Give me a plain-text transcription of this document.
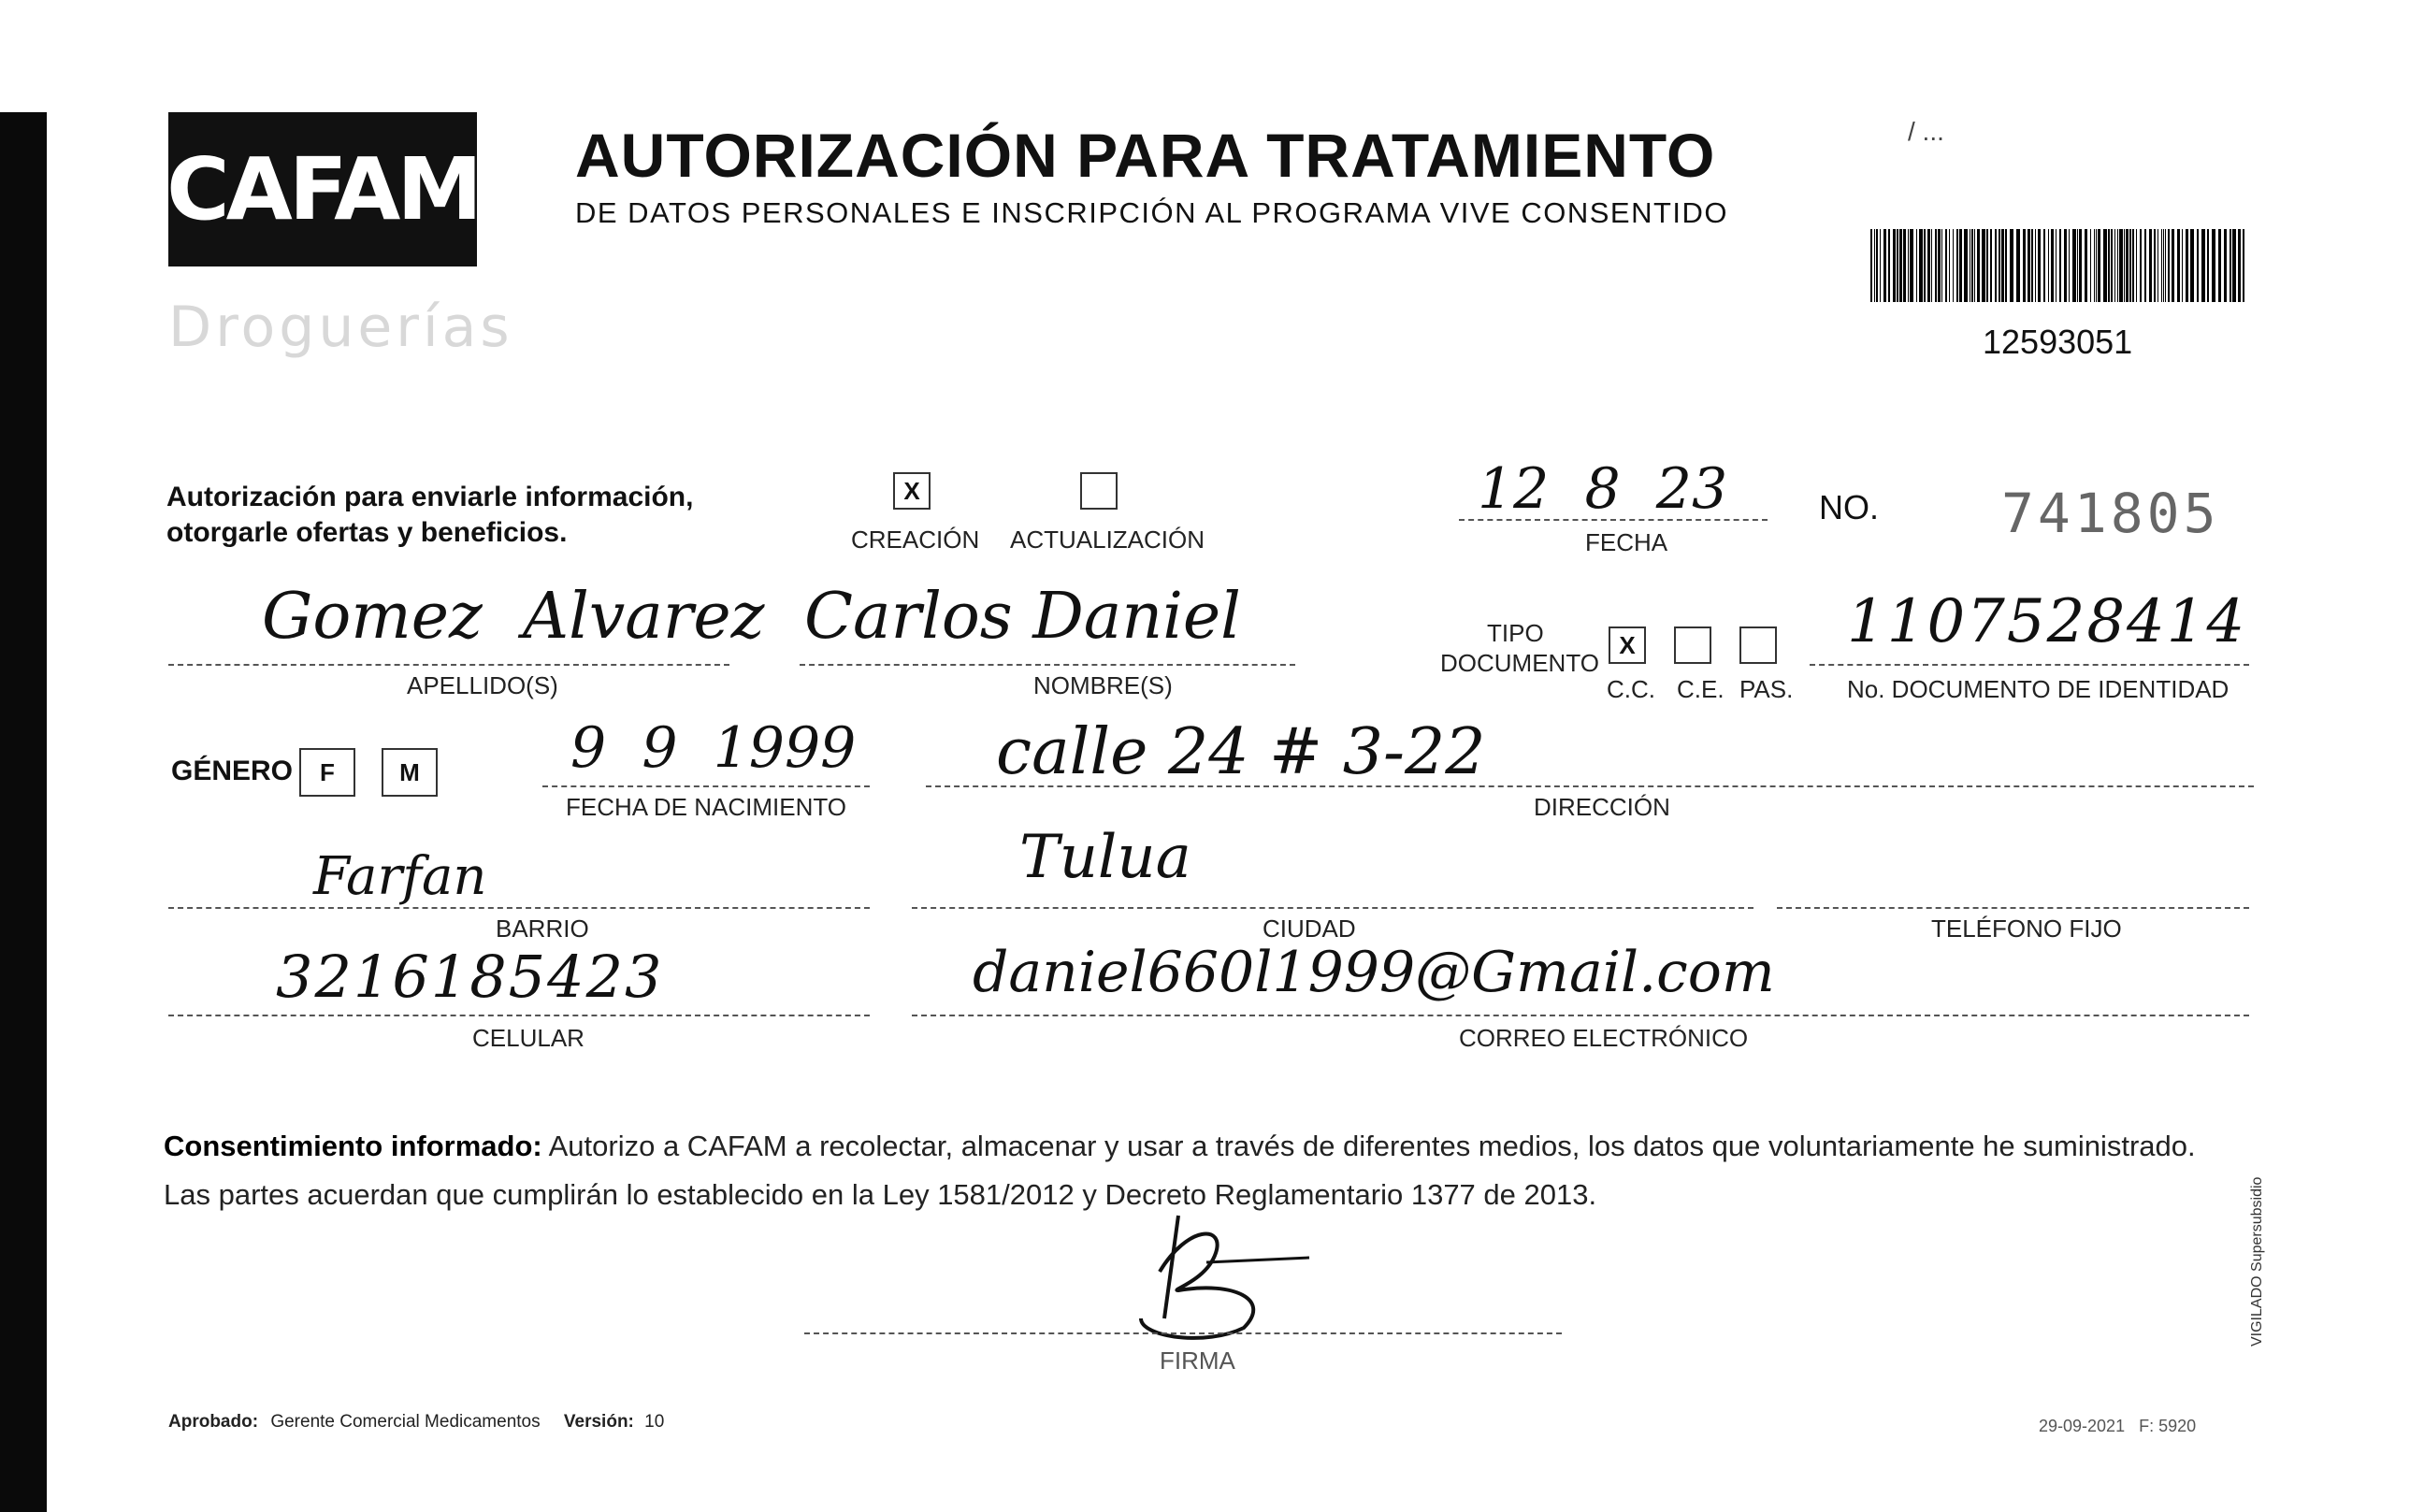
CAFAM
Droguerías
AUTORIZACIÓN PARA TRATAMIENTO
DE DATOS PERSONALES E INSCRIPCIÓN AL PROGRAMA VIVE CONSENTIDO
/ ...
12593051
Autorización para enviarle información,
otorgarle ofertas y beneficios.
X
CREACIÓN ACTUALIZACIÓN
12  8  23
FECHA
NO. 741805
Gomez  Alvarez
APELLIDO(S)
Carlos Daniel
NOMBRE(S)
TIPO
DOCUMENTO
X
C.C. C.E. PAS.
1107528414
No. DOCUMENTO DE IDENTIDAD
GÉNERO	F	M	9  9  1999
FECHA DE NACIMIENTO
calle 24 # 3-22
DIRECCIÓN
Farfan
BARRIO
Tulua
CIUDAD	TELÉFONO FIJO
3216185423
CELULAR
daniel660l1999@Gmail.com
CORREO ELECTRÓNICO
Consentimiento informado: Autorizo a CAFAM a recolectar, almacenar y usar a través de diferentes medios, los datos que voluntariamente he suministrado.
Las partes acuerdan que cumplirán lo establecido en la Ley 1581/2012 y Decreto Reglamentario 1377 de 2013.
FIRMA
Aprobado: Gerente Comercial Medicamentos Versión: 10	29-09-2021   F: 5920
VIGILADO Supersubsidio
